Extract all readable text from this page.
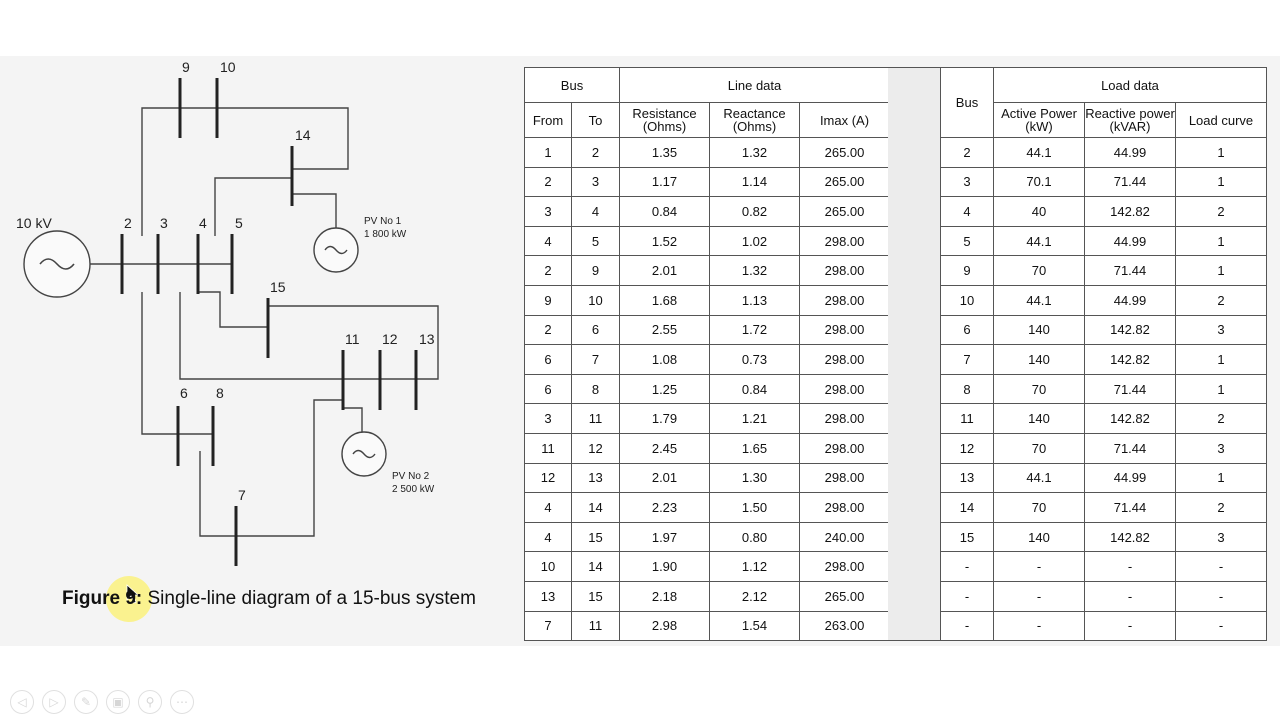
10 kV	2 3 4 5
6
7
8
9 10
11 12 13
14
15
PV No 1
1 800 kW
PV No 2
2 500 kW
Figure 9: Single-line diagram of a 15-bus system
Bus		Line data		
From	To	Resistance (Ohms)	Reactance (Ohms)	Imax (A)
1	2	1.35	1.32	265.00
2	3	1.17	1.14	265.00
3	4	0.84	0.82	265.00
4	5	1.52	1.02	298.00
2	9	2.01	1.32	298.00
9	10	1.68	1.13	298.00
2	6	2.55	1.72	298.00
6	7	1.08	0.73	298.00
6	8	1.25	0.84	298.00
3	11	1.79	1.21	298.00
11	12	2.45	1.65	298.00
12	13	2.01	1.30	298.00
4	14	2.23	1.50	298.00
4	15	1.97	0.80	240.00
10	14	1.90	1.12	298.00
13	15	2.18	2.12	265.00
7	11	2.98	1.54	263.00
Bus	Load data		
	Active Power (kW)	Reactive power (kVAR)	Load curve
2	44.1	44.99	1
3	70.1	71.44	1
4	40	142.82	2
5	44.1	44.99	1
9	70	71.44	1
10	44.1	44.99	2
6	140	142.82	3
7	140	142.82	1
8	70	71.44	1
11	140	142.82	2
12	70	71.44	3
13	44.1	44.99	1
14	70	71.44	2
15	140	142.82	3
-	-	-	-
-	-	-	-
-	-	-	-
◁	▷	✎	▣	⚲	⋯
